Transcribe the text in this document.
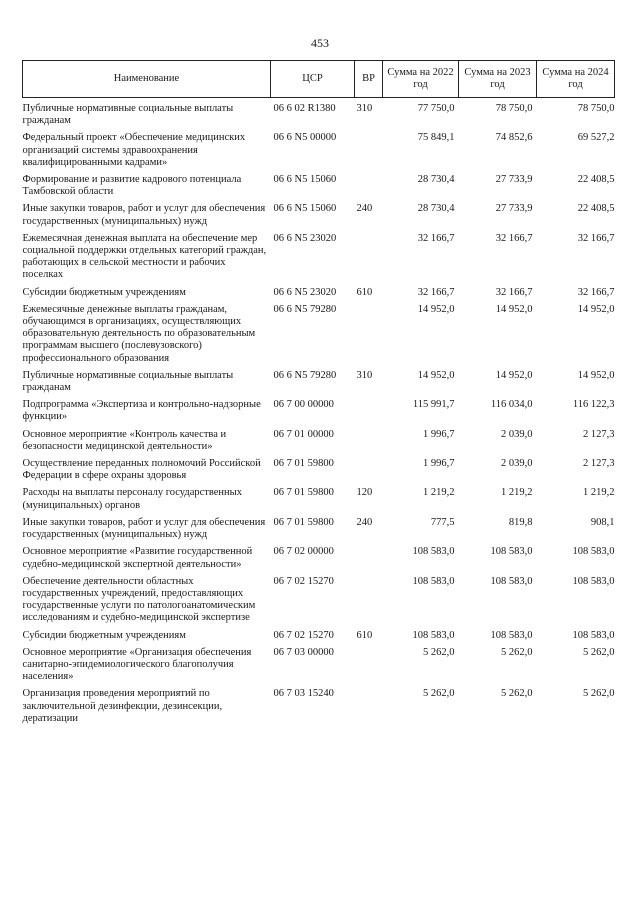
453
Наименование	ЦСР	ВР	Сумма на 2022 год	Сумма на 2023 год	Сумма на 2024 год

Публичные нормативные социальные выплаты гражданам	06 6 02 R1380	310	77 750,0	78 750,0	78 750,0

Федеральный проект «Обеспечение медицинских организаций системы здравоохранения квалифицированными кадрами»	06 6 N5 00000		75 849,1	74 852,6	69 527,2

Формирование и развитие кадрового потенциала Тамбовской области	06 6 N5 15060		28 730,4	27 733,9	22 408,5

Иные закупки товаров, работ и услуг для обеспечения государственных (муниципальных) нужд	06 6 N5 15060	240	28 730,4	27 733,9	22 408,5

Ежемесячная денежная выплата на обеспечение мер социальной поддержки отдельных категорий граждан, работающих в сельской местности и рабочих поселках	06 6 N5 23020		32 166,7	32 166,7	32 166,7

Субсидии бюджетным учреждениям	06 6 N5 23020	610	32 166,7	32 166,7	32 166,7

Ежемесячные денежные выплаты гражданам, обучающимся в организациях, осуществляющих образовательную деятельность по образовательным программам высшего (послевузовского) профессионального образования	06 6 N5 79280		14 952,0	14 952,0	14 952,0

Публичные нормативные социальные выплаты гражданам	06 6 N5 79280	310	14 952,0	14 952,0	14 952,0

Подпрограмма «Экспертиза и контрольно-надзорные функции»	06 7 00 00000		115 991,7	116 034,0	116 122,3

Основное мероприятие «Контроль качества и безопасности медицинской деятельности»	06 7 01 00000		1 996,7	2 039,0	2 127,3

Осуществление переданных полномочий Российской Федерации в сфере охраны здоровья	06 7 01 59800		1 996,7	2 039,0	2 127,3

Расходы на выплаты персоналу государственных (муниципальных) органов	06 7 01 59800	120	1 219,2	1 219,2	1 219,2

Иные закупки товаров, работ и услуг для обеспечения государственных (муниципальных) нужд	06 7 01 59800	240	777,5	819,8	908,1

Основное мероприятие «Развитие государственной судебно-медицинской экспертной деятельности»	06 7 02 00000		108 583,0	108 583,0	108 583,0

Обеспечение деятельности областных государственных учреждений, предоставляющих государственные услуги по патологоанатомическим исследованиям и судебно-медицинской экспертизе	06 7 02 15270		108 583,0	108 583,0	108 583,0

Субсидии бюджетным учреждениям	06 7 02 15270	610	108 583,0	108 583,0	108 583,0

Основное мероприятие «Организация обеспечения санитарно-эпидемиологического благополучия населения»	06 7 03 00000		5 262,0	5 262,0	5 262,0

Организация проведения мероприятий по заключительной дезинфекции, дезинсекции, дератизации	06 7 03 15240		5 262,0	5 262,0	5 262,0
